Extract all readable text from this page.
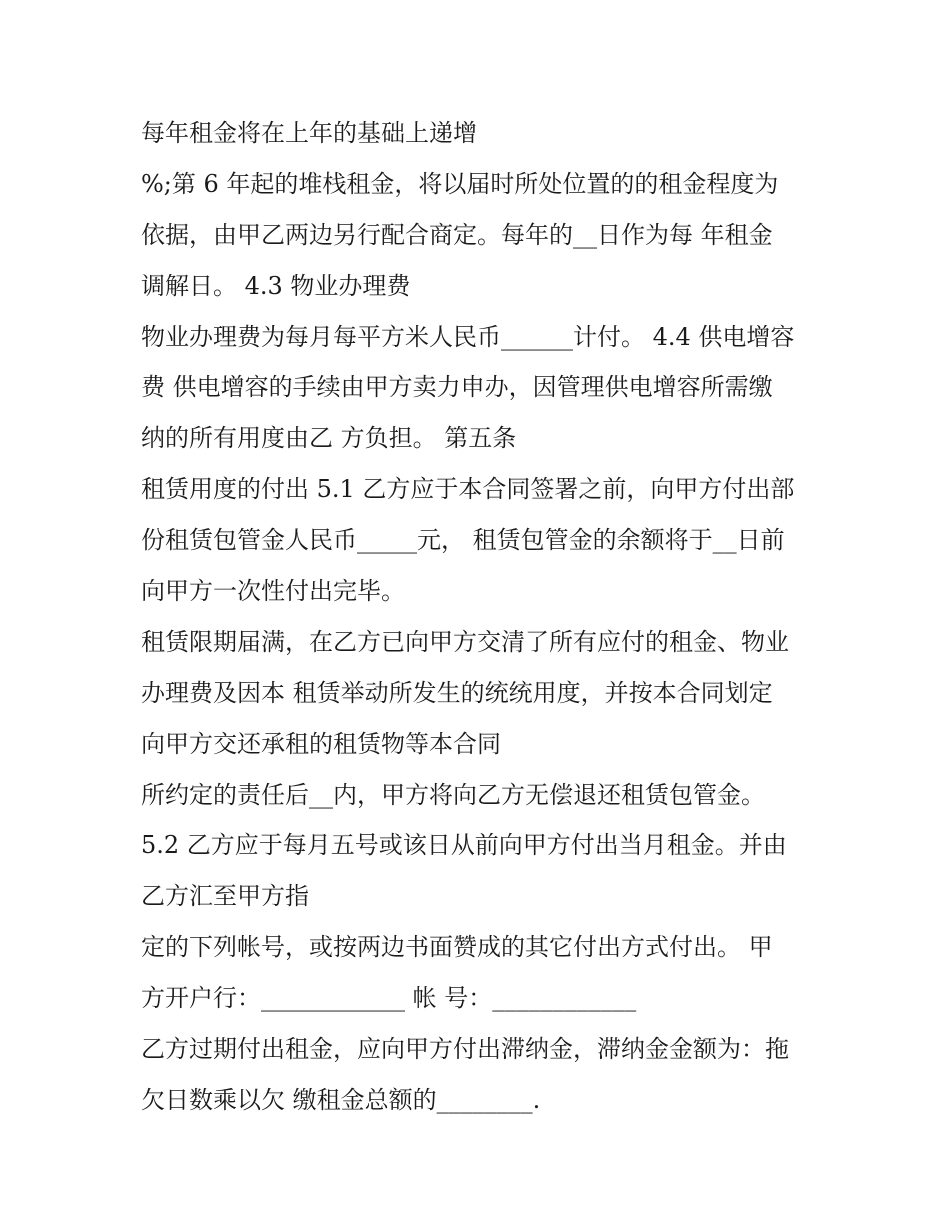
每年租金将在上年的基础上递增

%;第 6 年起的堆栈租金，将以届时所处位置的的租金程度为

依据，由甲乙两边另行配合商定。每年的__日作为每 年租金

调解日。 4.3 物业办理费

物业办理费为每月每平方米人民币______计付。 4.4 供电增容

费 供电增容的手续由甲方卖力申办，因管理供电增容所需缴

纳的所有用度由乙 方负担。 第五条

租赁用度的付出 5.1 乙方应于本合同签署之前，向甲方付出部

份租赁包管金人民币_____元， 租赁包管金的余额将于__日前

向甲方一次性付出完毕。

租赁限期届满，在乙方已向甲方交清了所有应付的租金、物业

办理费及因本 租赁举动所发生的统统用度，并按本合同划定

向甲方交还承租的租赁物等本合同

所约定的责任后__内，甲方将向乙方无偿退还租赁包管金。

5.2 乙方应于每月五号或该日从前向甲方付出当月租金。并由

乙方汇至甲方指

定的下列帐号，或按两边书面赞成的其它付出方式付出。 甲

方开户行：____________ 帐 号：____________

乙方过期付出租金，应向甲方付出滞纳金，滞纳金金额为：拖

欠日数乘以欠 缴租金总额的________.
